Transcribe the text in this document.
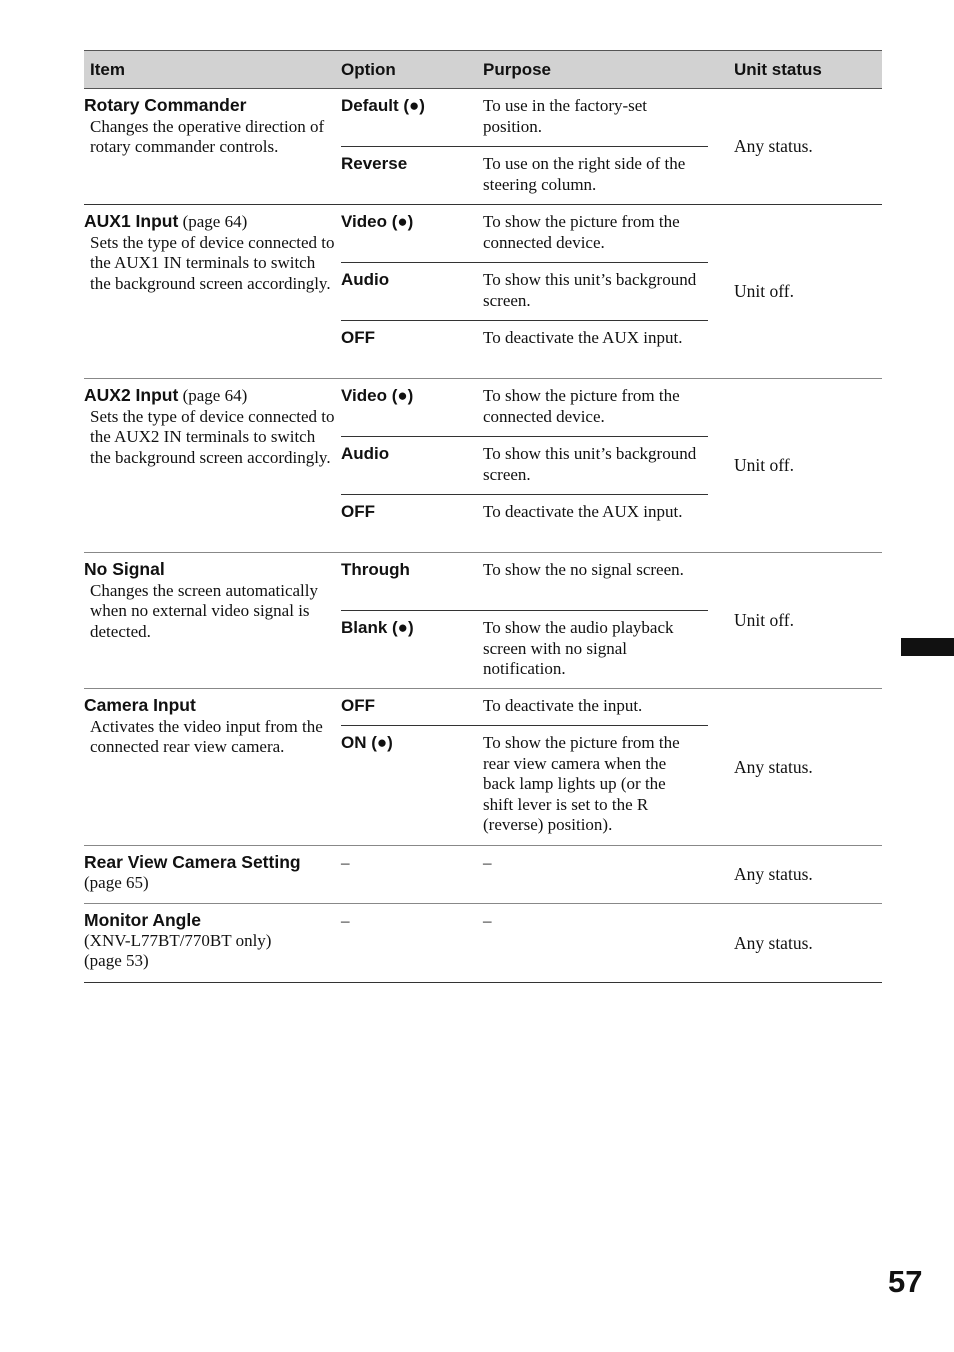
Item	Option	Purpose	Unit status
Rotary Commander
Changes the operative direction of rotary commander controls.
Default (●)	To use in the factory-set position.
Reverse	To use on the right side of the steering column.
Any status.
AUX1 Input (page 64)
Sets the type of device connected to the AUX1 IN terminals to switch the background screen accordingly.
Video (●)	To show the picture from the connected device.
Audio	To show this unit’s background screen.
OFF	To deactivate the AUX input.
Unit off.
AUX2 Input (page 64)
Sets the type of device connected to the AUX2 IN terminals to switch the background screen accordingly.
Video (●)	To show the picture from the connected device.
Audio	To show this unit’s background screen.
OFF	To deactivate the AUX input.
Unit off.
No Signal
Changes the screen automatically when no external video signal is detected.
Through	To show the no signal screen.
Blank (●)	To show the audio playback screen with no signal notification.
Unit off.
Camera Input
Activates the video input from the connected rear view camera.
OFF	To deactivate the input.
ON (●)	To show the picture from the rear view camera when the back lamp lights up (or the shift lever is set to the R (reverse) position).
Any status.
Rear View Camera Setting
(page 65)
–	–
Any status.
Monitor Angle
(XNV-L77BT/770BT only) (page 53)
–	–
Any status.
57
